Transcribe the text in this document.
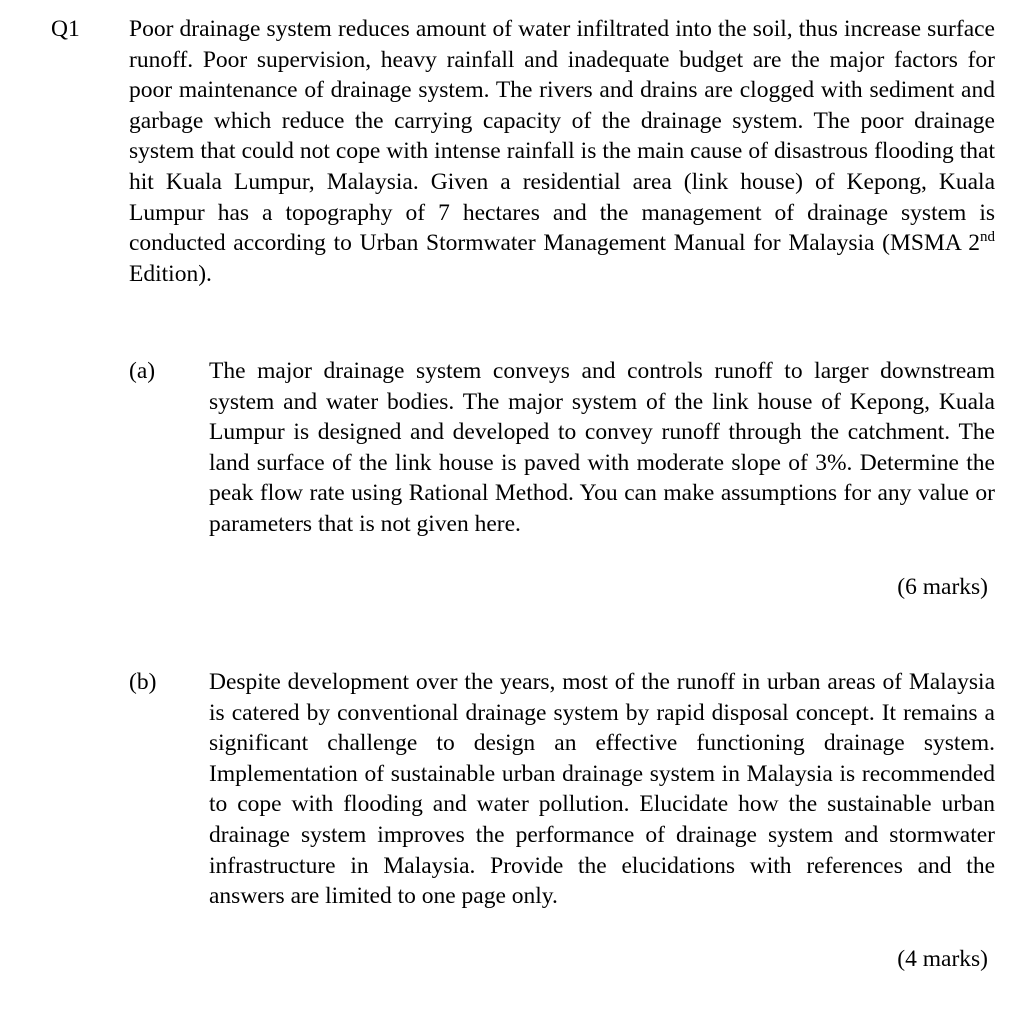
Q1 Poor drainage system reduces amount of water infiltrated into the soil, thus increase surface runoff. Poor supervision, heavy rainfall and inadequate budget are the major factors for poor maintenance of drainage system. The rivers and drains are clogged with sediment and garbage which reduce the carrying capacity of the drainage system. The poor drainage system that could not cope with intense rainfall is the main cause of disastrous flooding that hit Kuala Lumpur, Malaysia. Given a residential area (link house) of Kepong, Kuala Lumpur has a topography of 7 hectares and the management of drainage system is conducted according to Urban Stormwater Management Manual for Malaysia (MSMA 2nd Edition).

(a) The major drainage system conveys and controls runoff to larger downstream system and water bodies. The major system of the link house of Kepong, Kuala Lumpur is designed and developed to convey runoff through the catchment. The land surface of the link house is paved with moderate slope of 3%. Determine the peak flow rate using Rational Method. You can make assumptions for any value or parameters that is not given here.

(6 marks)

(b) Despite development over the years, most of the runoff in urban areas of Malaysia is catered by conventional drainage system by rapid disposal concept. It remains a significant challenge to design an effective functioning drainage system. Implementation of sustainable urban drainage system in Malaysia is recommended to cope with flooding and water pollution. Elucidate how the sustainable urban drainage system improves the performance of drainage system and stormwater infrastructure in Malaysia. Provide the elucidations with references and the answers are limited to one page only.

(4 marks)
